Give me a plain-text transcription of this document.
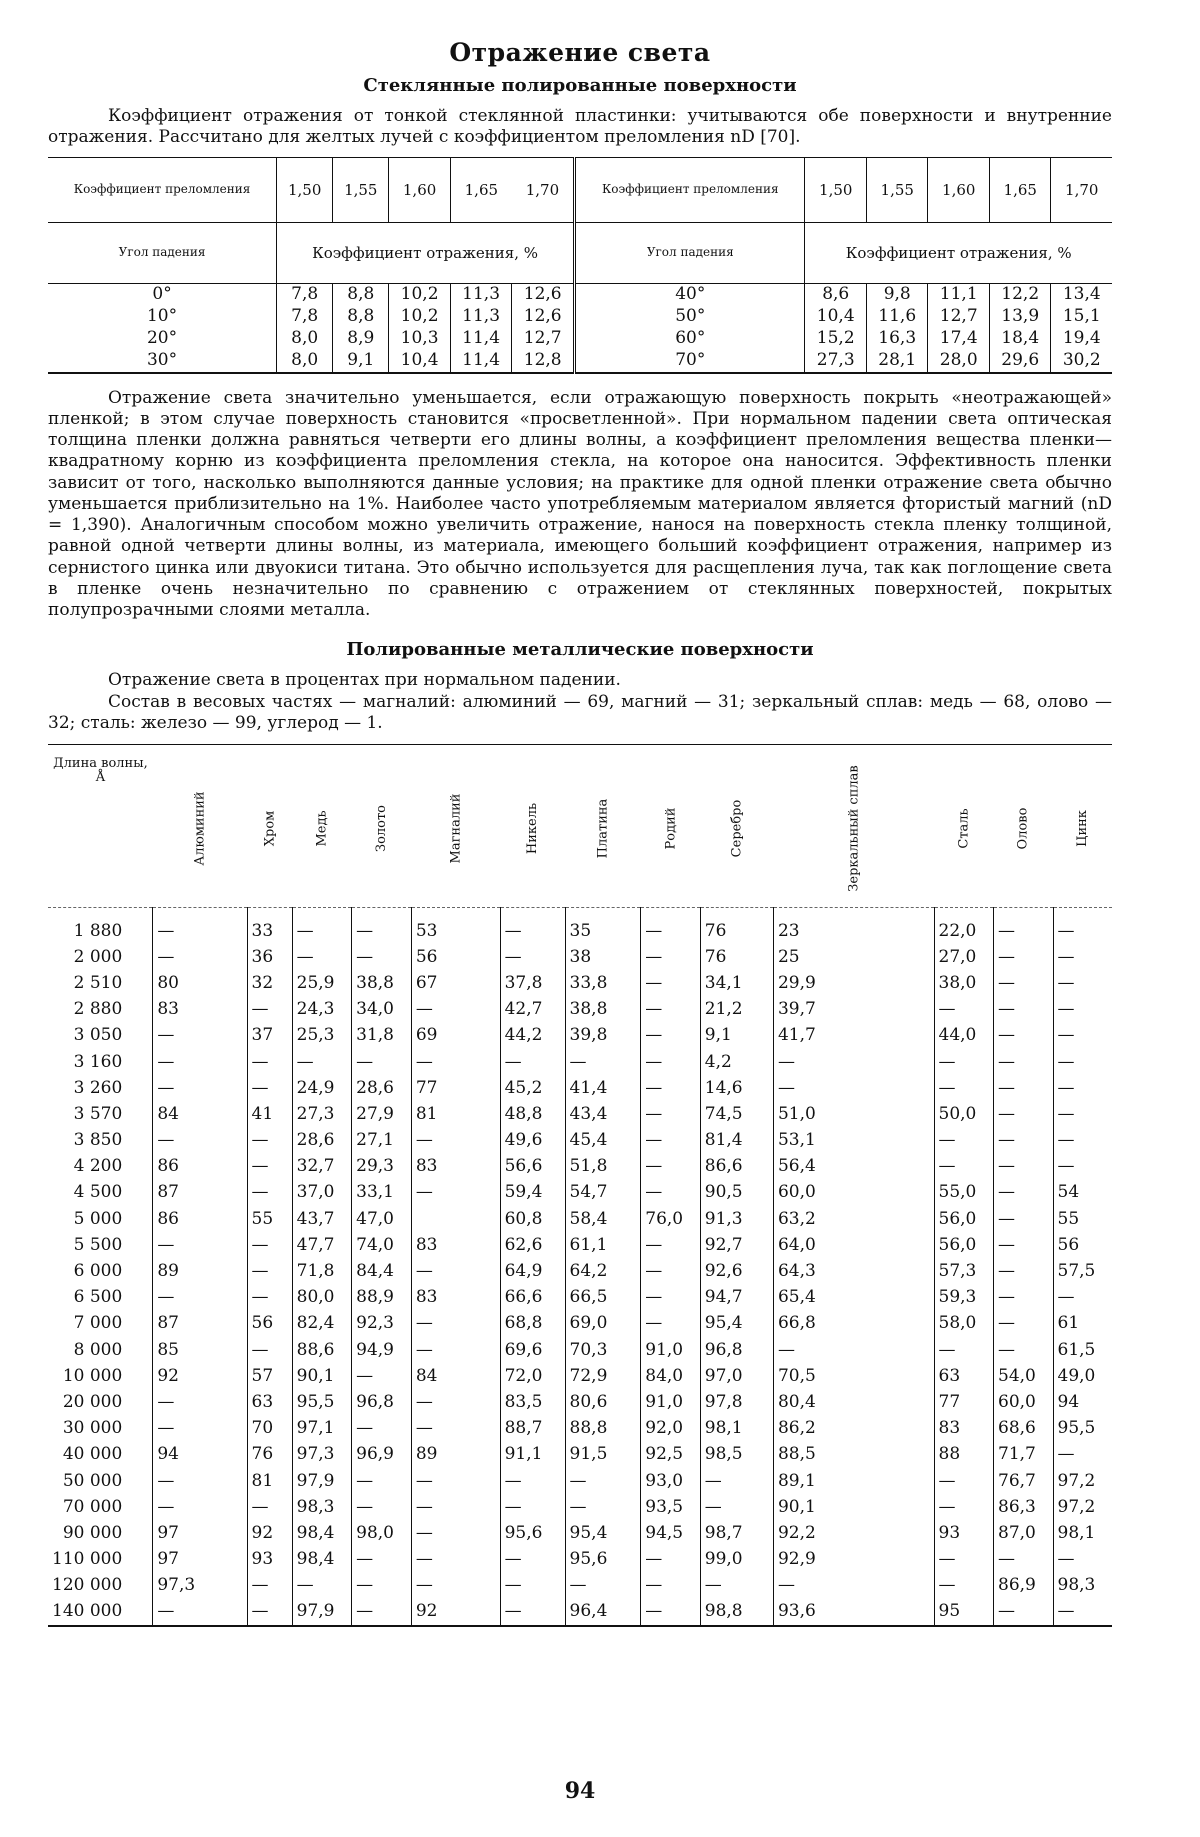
Отражение света
Стеклянные полированные поверхности

Коэффициент отражения от тонкой стеклянной пластинки: учитываются обе поверхности и внутренние отражения. Рассчитано для желтых лучей с коэффициентом преломления nD [70].

Коэффициент преломления	1,50	1,55	1,60	1,65	1,70	Коэффициент преломления	1,50	1,55	1,60	1,65	1,70
Угол падения	Коэффициент отражения, %					Угол падения	Коэффициент отражения, %				
0°	7,8	8,8	10,2	11,3	12,6	40°	8,6	9,8	11,1	12,2	13,4
10°	7,8	8,8	10,2	11,3	12,6	50°	10,4	11,6	12,7	13,9	15,1
20°	8,0	8,9	10,3	11,4	12,7	60°	15,2	16,3	17,4	18,4	19,4
30°	8,0	9,1	10,4	11,4	12,8	70°	27,3	28,1	28,0	29,6	30,2

Отражение света значительно уменьшается, если отражающую поверхность покрыть «неотражающей» пленкой; в этом случае поверхность становится «просветленной». При нормальном падении света оптическая толщина пленки должна равняться четверти его длины волны, а коэффициент преломления вещества пленки—квадратному корню из коэффициента преломления стекла, на которое она наносится. Эффективность пленки зависит от того, насколько выполняются данные условия; на практике для одной пленки отражение света обычно уменьшается приблизительно на 1%. Наиболее часто употребляемым материалом является фтористый магний (nD = 1,390). Аналогичным способом можно увеличить отражение, нанося на поверхность стекла пленку толщиной, равной одной четверти длины волны, из материала, имеющего больший коэффициент отражения, например из сернистого цинка или двуокиси титана. Это обычно используется для расщепления луча, так как поглощение света в пленке очень незначительно по сравнению с отражением от стеклянных поверхностей, покрытых полупрозрачными слоями металла.

Полированные металлические поверхности

Отражение света в процентах при нормальном падении.

Состав в весовых частях — магналий: алюминий — 69, магний — 31; зеркальный сплав: медь — 68, олово — 32; сталь: железо — 99, углерод — 1.

Длина волны, Å	Алюминий	Хром	Медь	Золото	Магналий	Никель	Платина	Родий	Серебро	Зеркальный сплав	Сталь	Олово	Цинк
1 880	—	33	—	—	53	—	35	—	76	23	22,0	—	—
2 000	—	36	—	—	56	—	38	—	76	25	27,0	—	—
2 510	80	32	25,9	38,8	67	37,8	33,8	—	34,1	29,9	38,0	—	—
2 880	83	—	24,3	34,0	—	42,7	38,8	—	21,2	39,7	—	—	—
3 050	—	37	25,3	31,8	69	44,2	39,8	—	9,1	41,7	44,0	—	—
3 160	—	—	—	—	—	—	—	—	4,2	—	—	—	—
3 260	—	—	24,9	28,6	77	45,2	41,4	—	14,6	—	—	—	—
3 570	84	41	27,3	27,9	81	48,8	43,4	—	74,5	51,0	50,0	—	—
3 850	—	—	28,6	27,1	—	49,6	45,4	—	81,4	53,1	—	—	—
4 200	86	—	32,7	29,3	83	56,6	51,8	—	86,6	56,4	—	—	—
4 500	87	—	37,0	33,1	—	59,4	54,7	—	90,5	60,0	55,0	—	54
5 000	86	55	43,7	47,0		60,8	58,4	76,0	91,3	63,2	56,0	—	55
5 500	—	—	47,7	74,0	83	62,6	61,1	—	92,7	64,0	56,0	—	56
6 000	89	—	71,8	84,4	—	64,9	64,2	—	92,6	64,3	57,3	—	57,5
6 500	—	—	80,0	88,9	83	66,6	66,5	—	94,7	65,4	59,3	—	—
7 000	87	56	82,4	92,3	—	68,8	69,0	—	95,4	66,8	58,0	—	61
8 000	85	—	88,6	94,9	—	69,6	70,3	91,0	96,8	—	—	—	61,5
10 000	92	57	90,1	—	84	72,0	72,9	84,0	97,0	70,5	63	54,0	49,0
20 000	—	63	95,5	96,8	—	83,5	80,6	91,0	97,8	80,4	77	60,0	94
30 000	—	70	97,1	—	—	88,7	88,8	92,0	98,1	86,2	83	68,6	95,5
40 000	94	76	97,3	96,9	89	91,1	91,5	92,5	98,5	88,5	88	71,7	—
50 000	—	81	97,9	—	—	—	—	93,0	—	89,1	—	76,7	97,2
70 000	—	—	98,3	—	—	—	—	93,5	—	90,1	—	86,3	97,2
90 000	97	92	98,4	98,0	—	95,6	95,4	94,5	98,7	92,2	93	87,0	98,1
110 000	97	93	98,4	—	—	—	95,6	—	99,0	92,9	—	—	—
120 000	97,3	—	—	—	—	—	—	—	—	—	—	86,9	98,3
140 000	—	—	97,9	—	92	—	96,4	—	98,8	93,6	95	—	—
94
